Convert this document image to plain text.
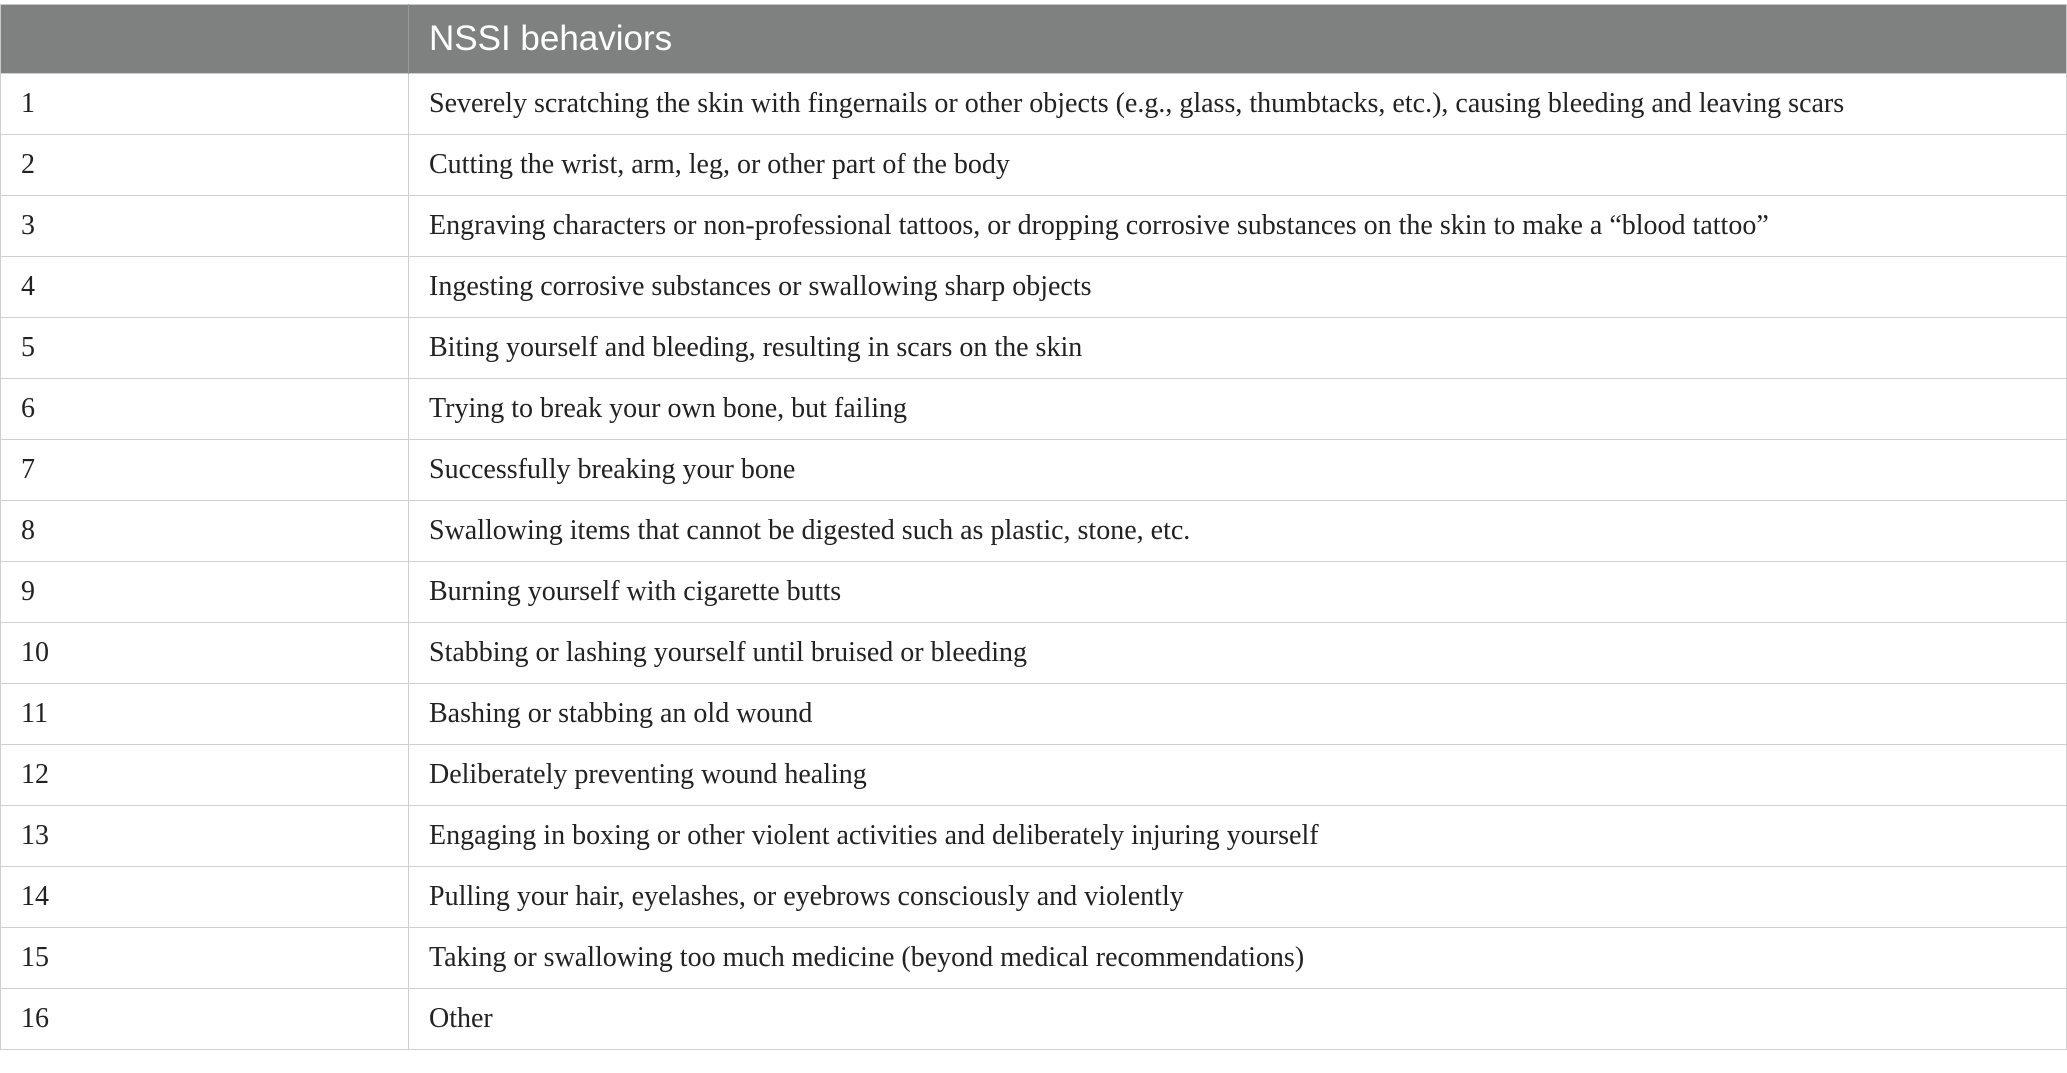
	NSSI behaviors
1	Severely scratching the skin with fingernails or other objects (e.g., glass, thumbtacks, etc.), causing bleeding and leaving scars
2	Cutting the wrist, arm, leg, or other part of the body
3	Engraving characters or non-professional tattoos, or dropping corrosive substances on the skin to make a “blood tattoo”
4	Ingesting corrosive substances or swallowing sharp objects
5	Biting yourself and bleeding, resulting in scars on the skin
6	Trying to break your own bone, but failing
7	Successfully breaking your bone
8	Swallowing items that cannot be digested such as plastic, stone, etc.
9	Burning yourself with cigarette butts
10	Stabbing or lashing yourself until bruised or bleeding
11	Bashing or stabbing an old wound
12	Deliberately preventing wound healing
13	Engaging in boxing or other violent activities and deliberately injuring yourself
14	Pulling your hair, eyelashes, or eyebrows consciously and violently
15	Taking or swallowing too much medicine (beyond medical recommendations)
16	Other
